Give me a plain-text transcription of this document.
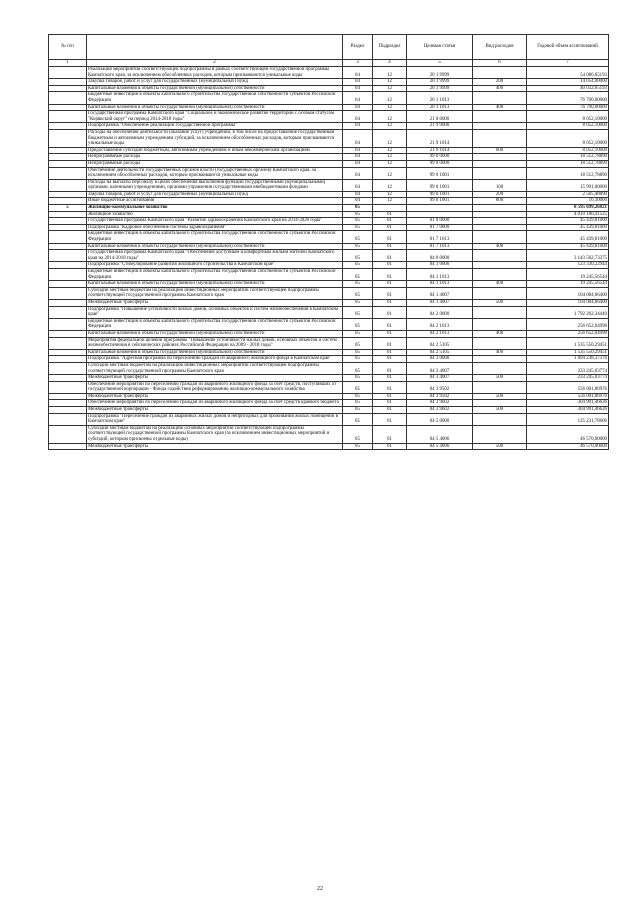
№ п/п		Раздел	Подраздел	Целевая статья	Вид расходов	Годовой объем ассигнований
1	2	3	4	5	6	7
	Реализация мероприятий соответствующей подпрограммы в рамках соответствующей государственной программы Камчатского края, за исключением обособленных расходов, которым присваиваются уникальные коды	04	12	20 1 9999		54 086,65193
	Закупка товаров, работ и услуг для государственных (муниципальных) нужд	04	12	20 1 9999	200	14 054,00000
	Капитальные вложения в объекты государственной (муниципальной) собственности	04	12	20 1 9999	400	40 032,65193
	Бюджетные инвестиции в объекты капитального строительства государственной собственности субъектов Российской Федерации	04	12	20 1 1013		76 700,00000
	Капитальные вложения в объекты государственной (муниципальной) собственности	04	12	20 1 1013	400	76 700,00000
	Государственная программа Камчатского края "Социальное и экономическое развитие территории с особым статусом "Корякский округ" на период 2014-2018 годы"	04	12	21 0 0000		8 052,10000
	Подпрограмма "Обеспечение реализации государственной программы"	04	12	21 9 0000		8 052,10000
	Расходы на обеспечение деятельности (оказание услуг) учреждений, в том числе на предоставление государственным бюджетным и автономным учреждениям субсидий, за исключением обособленных расходов, которым присваиваются уникальные коды	04	12	21 9 1014		8 052,10000
	Предоставление субсидий бюджетным, автономным учреждениям и иным некоммерческим организациям	04	12	21 9 1014	600	8 052,10000
	Непрограммные расходы	04	12	99 0 0000		18 512,78890
	Непрограммные расходы	04	12	99 0 0000		18 512,78890
	Обеспечение деятельности государственных органов власти (государственных органов) Камчатского края, за исключением обособленных расходов, которым присваиваются уникальные коды	04	12	99 0 1001		18 512,78890
	Расходы на выплаты персоналу в целях обеспечения выполнения функций государственными (муниципальными) органами, казенными учреждениями, органами управления государственными внебюджетными фондами	04	12	99 0 1001	100	15 991,00000
	Закупка товаров, работ и услуг для государственных (муниципальных) нужд	04	12	99 0 1001	200	2 505,48890
	Иные бюджетные ассигнования	04	12	99 0 1001	800	16,30000
5	Жилищно-коммунальное хозяйство	05				8 595 699,26821
	Жилищное хозяйство	05	01			4 010 180,41525
	Государственная программа Камчатского края "Развитие здравоохранения Камчатского края на 2014-2020 годы"	05	01	01 0 0000		45 439,81000
	Подпрограмма "Кадровое обеспечение системы здравоохранения"	05	01	01 7 0000		45 439,81000
	Бюджетные инвестиции в объекты капитального строительства государственной собственности субъектов Российской Федерации	05	01	01 7 1013		45 439,81000
	Капитальные вложения в объекты государственной (муниципальной) собственности	05	01	01 7 1013	400	45 439,81000
	Государственная программа Камчатского края "Обеспечение доступным и комфортным жильем жителей Камчатского края на 2014-2018 годы"	05	01	04 0 0000		3 143 562,73375
	Подпрограмма "Стимулирование развития жилищного строительства в Камчатском крае"	05	01	04 1 0000		123 330,22944
	Бюджетные инвестиции в объекты капитального строительства государственной собственности субъектов Российской Федерации	05	01	04 1 1013		19 245,56544
	Капитальные вложения в объекты государственной (муниципальной) собственности	05	01	04 1 1013	400	19 245,56544
	Субсидии местным бюджетам на реализацию инвестиционных мероприятий соответствующей подпрограммы соответствующей государственной программы Камчатского края	05	01	04 1 4007		104 084,66400
	Межбюджетные трансферты	05	01	04 1 4007	500	104 084,66400
	Подпрограмма "Повышение устойчивости жилых домов, основных объектов и систем жизнеобеспечения в Камчатском крае"	05	01	04 2 0000		1 792 202,34449
	Бюджетные инвестиции в объекты капитального строительства государственной собственности субъектов Российской Федерации	05	01	04 2 1013		256 652,04998
	Капитальные вложения в объекты государственной (муниципальной) собственности	05	01	04 2 1013	400	256 652,04998
	Мероприятия федеральной целевой программы "Повышение устойчивости жилых домов, основных объектов и систем жизнеобеспечения в сейсмических районах Российской Федерации на 2009 - 2018 годы"	05	01	04 2 5105		1 535 550,29451
	Капитальные вложения в объекты государственной (муниципальной) собственности	05	01	04 2 5105	400	1 535 550,29451
	Подпрограмма "Адресная программа по переселению граждан из аварийного жилищного фонда в Камчатском крае"	05	01	04 3 0000		1 094 238,37376
	Субсидии местным бюджетам на реализацию инвестиционных мероприятий соответствующей подпрограммы соответствующей государственной программы Камчатского края	05	01	04 3 4007		233 245,03774
	Межбюджетные трансферты	05	01	04 3 4007	500	233 245,03774
	Обеспечение мероприятий по переселению граждан из аварийного жилищного фонда за счет средств, поступивших от государственной корпорации - Фонда содействия реформированию жилищно-коммунального хозяйства	05	01	04 3 9502		556 001,86976
	Межбюджетные трансферты	05	01	04 3 9502	500	556 001,86976
	Обеспечение мероприятий по переселению граждан из аварийного жилищного фонда за счет средств краевого бюджета	05	01	04 3 9602		304 991,46626
	Межбюджетные трансферты	05	01	04 3 9602	500	304 991,46626
	Подпрограмма "Переселение граждан из аварийных жилых домов и непригодных для проживания жилых помещений в Камчатском крае"	05	01	04 5 0000		125 231,78606
	Субсидии местным бюджетам на реализацию основных мероприятий соответствующей подпрограммы соответствующей государственной программы Камчатского края (за исключением инвестиционных мероприятий и субсидий, которым присвоены отдельные коды)	05	01	04 5 4006		46 570,00000
	Межбюджетные трансферты	05	01	04 5 4006	500	46 570,00000
22
